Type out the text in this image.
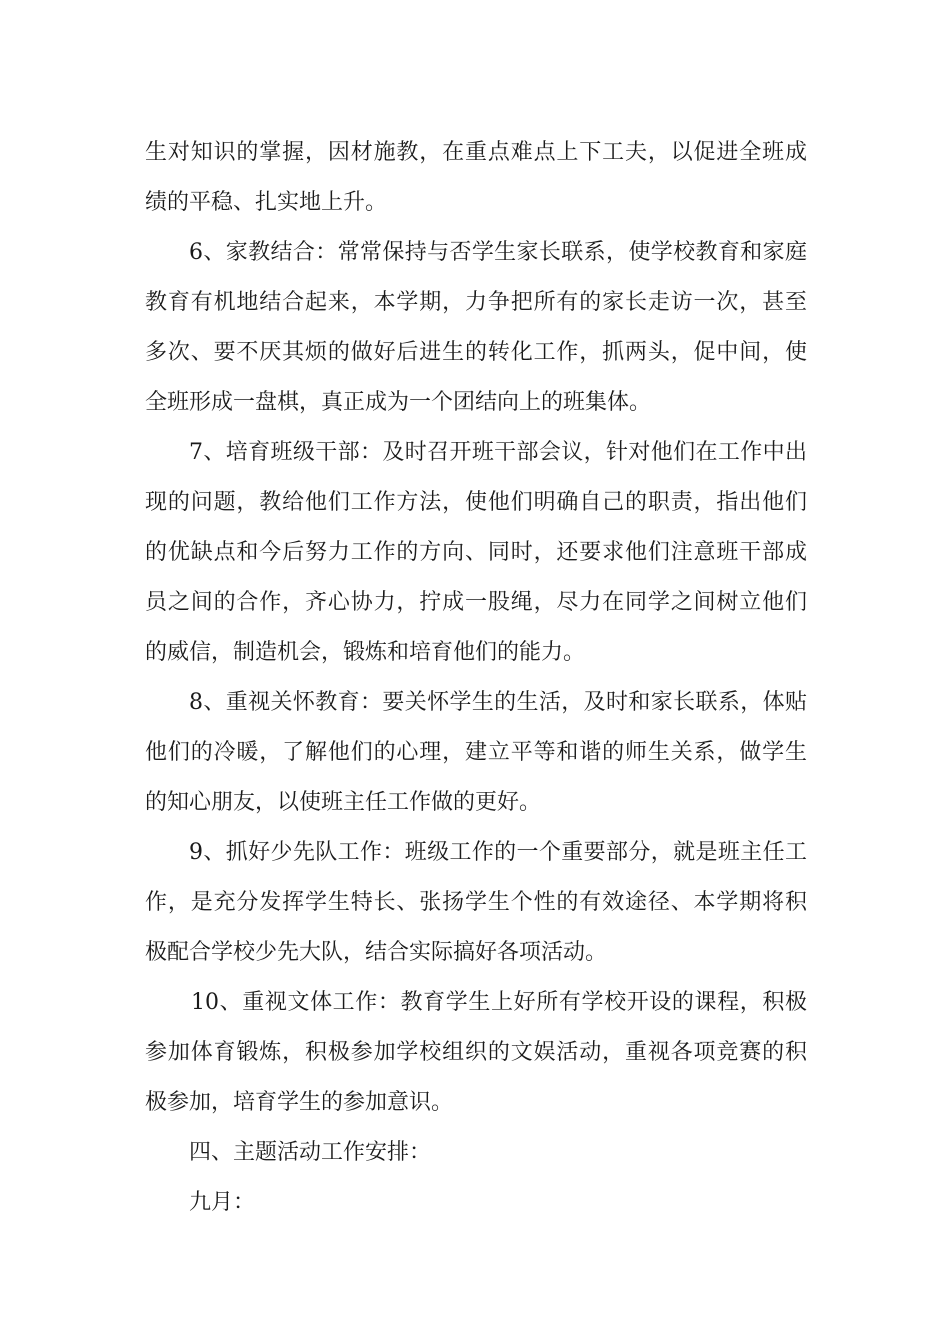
生对知识的掌握，因材施教，在重点难点上下工夫，以促进全班成
绩的平稳、扎实地上升。
6、家教结合：常常保持与否学生家长联系，使学校教育和家庭
教育有机地结合起来，本学期，力争把所有的家长走访一次，甚至
多次、要不厌其烦的做好后进生的转化工作，抓两头，促中间，使
全班形成一盘棋，真正成为一个团结向上的班集体。
7、培育班级干部：及时召开班干部会议，针对他们在工作中出
现的问题，教给他们工作方法，使他们明确自己的职责，指出他们
的优缺点和今后努力工作的方向、同时，还要求他们注意班干部成
员之间的合作，齐心协力，拧成一股绳，尽力在同学之间树立他们
的威信，制造机会，锻炼和培育他们的能力。
8、重视关怀教育：要关怀学生的生活，及时和家长联系，体贴
他们的冷暖，了解他们的心理，建立平等和谐的师生关系，做学生
的知心朋友，以使班主任工作做的更好。
9、抓好少先队工作：班级工作的一个重要部分，就是班主任工
作，是充分发挥学生特长、张扬学生个性的有效途径、本学期将积
极配合学校少先大队，结合实际搞好各项活动。
10、重视文体工作：教育学生上好所有学校开设的课程，积极
参加体育锻炼，积极参加学校组织的文娱活动，重视各项竞赛的积
极参加，培育学生的参加意识。
四、主题活动工作安排：
九月：
